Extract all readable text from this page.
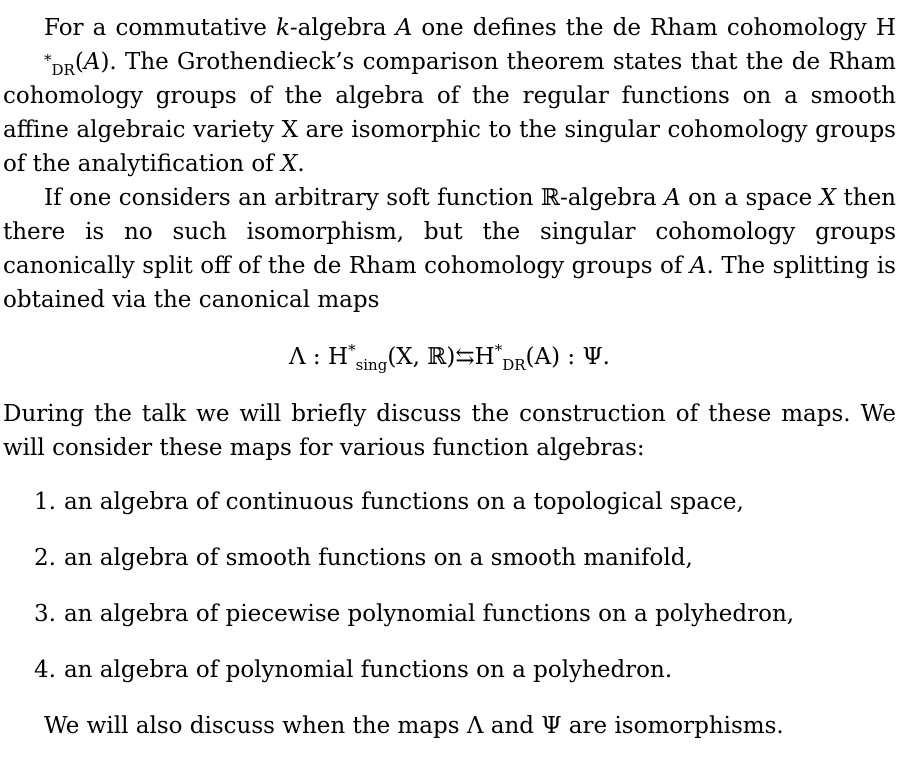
For a commutative k-algebra A one defines the de Rham cohomology $H^*_{DR}(A)$. The Grothendieck’s comparison theorem states that the de Rham cohomology groups of the algebra of the regular functions on a smooth affine algebraic variety X are isomorphic to the singular cohomology groups of the analytification of X.

If one considers an arbitrary soft function ℝ-algebra A on a space X then there is no such isomorphism, but the singular cohomology groups canonically split off of the de Rham cohomology groups of A. The splitting is obtained via the canonical maps

Λ : $H^*_{sing}(X$, $ℝ)⇆H^*_{DR}(A)$ : Ψ.

During the talk we will briefly discuss the construction of these maps. We will consider these maps for various function algebras:

1. an algebra of continuous functions on a topological space,
2. an algebra of smooth functions on a smooth manifold,
3. an algebra of piecewise polynomial functions on a polyhedron,
4. an algebra of polynomial functions on a polyhedron.

We will also discuss when the maps Λ and Ψ are isomorphisms.
